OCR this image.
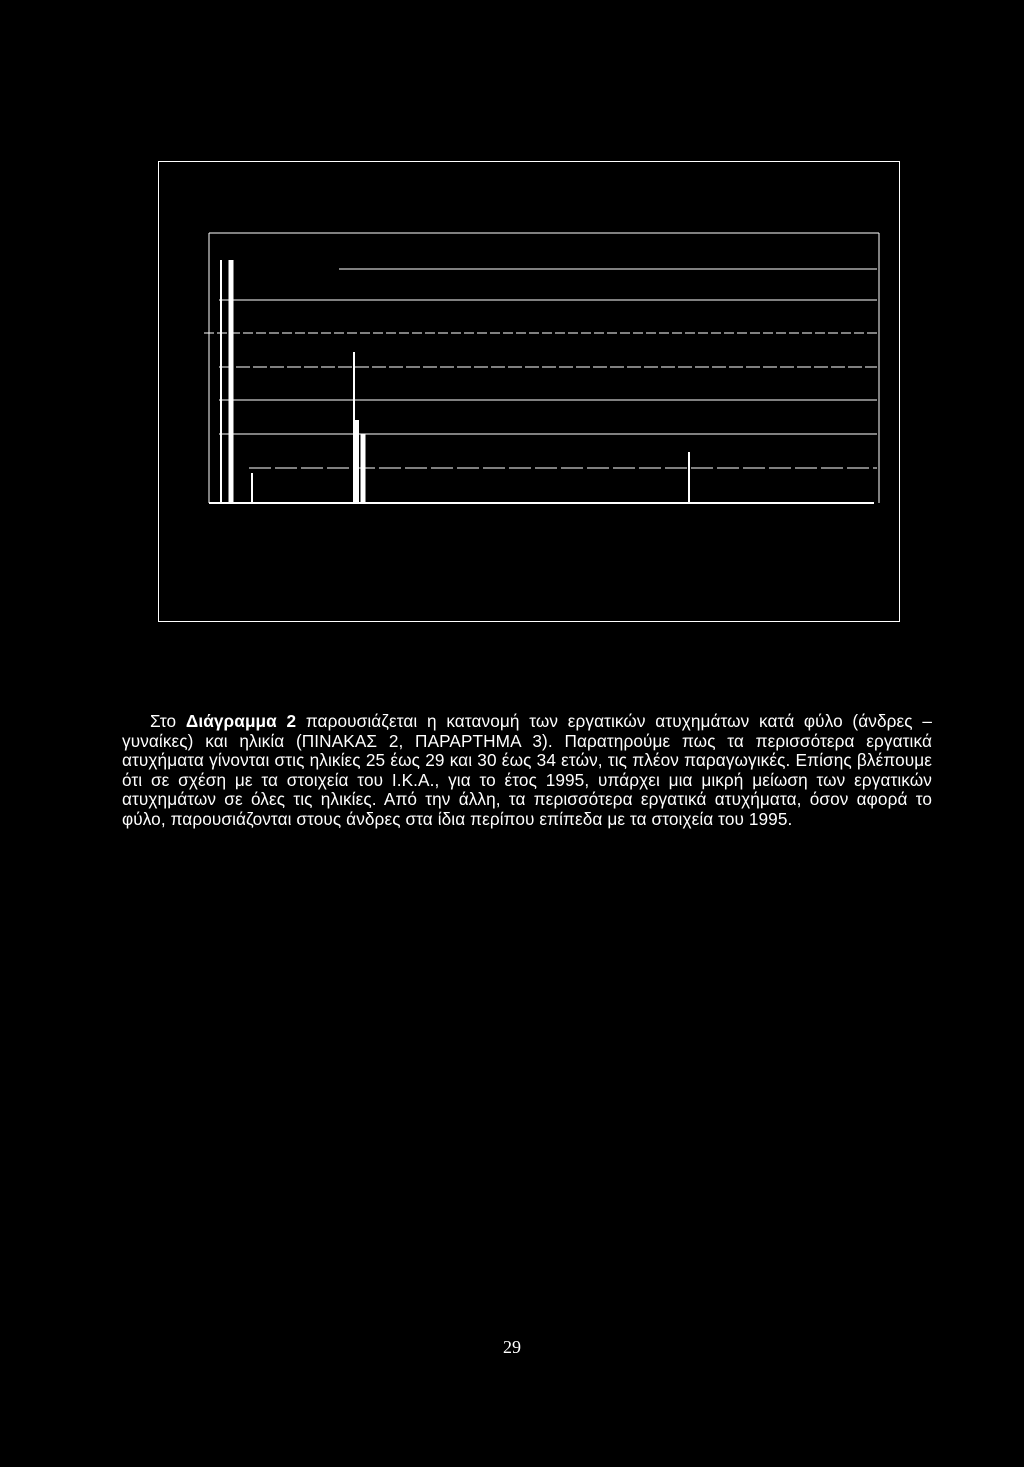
Στο Διάγραμμα 2 παρουσιάζεται η κατανομή των εργατικών ατυχημάτων κατά φύλο (άνδρες – γυναίκες) και ηλικία (ΠΙΝΑΚΑΣ 2, ΠΑΡΑΡΤΗΜΑ 3). Παρατηρούμε πως τα περισσότερα εργατικά ατυχήματα γίνονται στις ηλικίες 25 έως 29 και 30 έως 34 ετών, τις πλέον παραγωγικές. Επίσης βλέπουμε ότι σε σχέση με τα στοιχεία του Ι.Κ.Α., για το έτος 1995, υπάρχει μια μικρή μείωση των εργατικών ατυχημάτων σε όλες τις ηλικίες. Από την άλλη, τα περισσότερα εργατικά ατυχήματα, όσον αφορά το φύλο, παρουσιάζονται στους άνδρες στα ίδια περίπου επίπεδα με τα στοιχεία του 1995.
29
